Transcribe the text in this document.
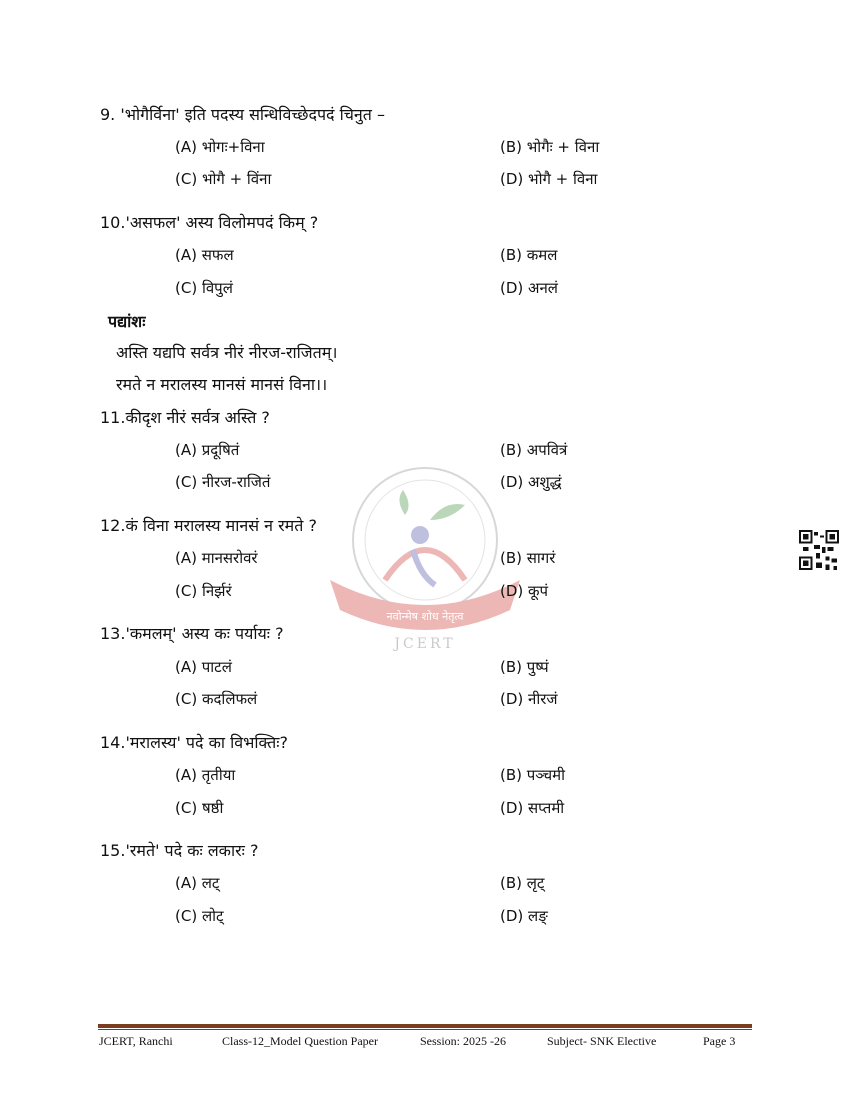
नवोन्मेष शोध नेतृत्व
JCERT
9. 'भोगैर्विना' इति पदस्य सन्धिविच्छेदपदं चिनुत –
(A) भोगः+विना	(B) भोगैः + विना
(C) भोगै + विंना	(D) भोगै + विना
10.'असफल' अस्य विलोमपदं किम् ?
(A) सफल	(B) कमल
(C) विपुलं	(D) अनलं
पद्यांशः
अस्ति यद्यपि सर्वत्र नीरं नीरज-राजितम्।
रमते न मरालस्य मानसं मानसं विना।।
11.कीदृश नीरं सर्वत्र अस्ति ?
(A) प्रदूषितं	(B) अपवित्रं
(C) नीरज-राजितं	(D) अशुद्धं
12.कं विना मरालस्य मानसं न रमते ?
(A) मानसरोवरं	(B) सागरं
(C) निर्झरं	(D) कूपं
13.'कमलम्' अस्य कः पर्यायः ?
(A) पाटलं	(B) पुष्पं
(C) कदलिफलं	(D) नीरजं
14.'मरालस्य' पदे का विभक्तिः?
(A) तृतीया	(B) पञ्चमी
(C) षष्ठी	(D) सप्तमी
15.'रमते' पदे कः लकारः ?
(A) लट्	(B) लृट्
(C) लोट्	(D) लङ्
JCERT, Ranchi	Class-12_Model Question Paper	Session: 2025 -26	Subject- SNK Elective	Page 3
